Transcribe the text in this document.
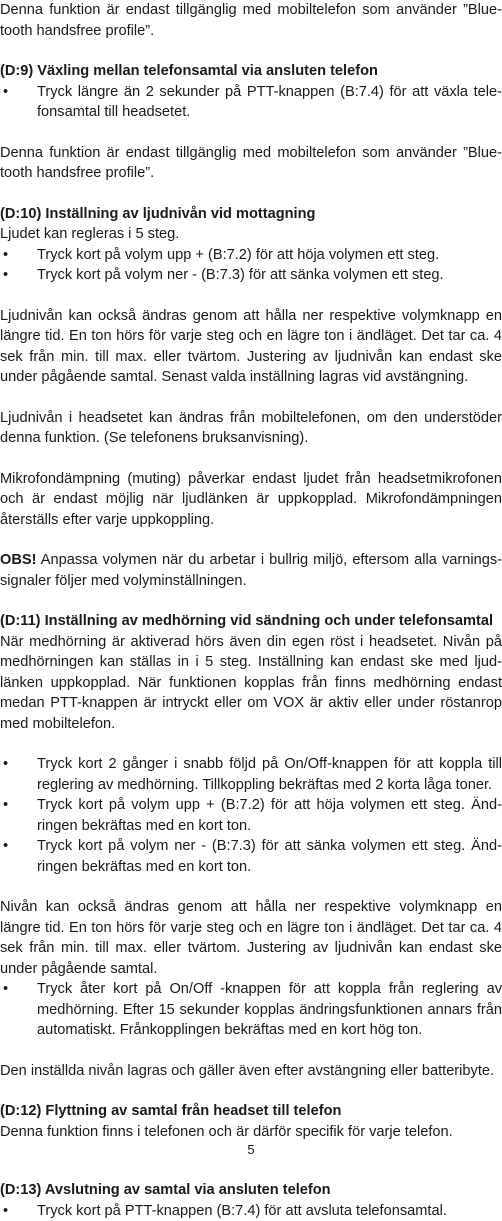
Denna funktion är endast tillgänglig med mobiltelefon som använder ”Blue-tooth handsfree profile”.

(D:9) Växling mellan telefonsamtal via ansluten telefon

• Tryck längre än 2 sekunder på PTT-knappen (B:7.4) för att växla tele-fonsamtal till headsetet.

Denna funktion är endast tillgänglig med mobiltelefon som använder ”Blue-tooth handsfree profile”.

(D:10) Inställning av ljudnivån vid mottagning

Ljudet kan regleras i 5 steg.

• Tryck kort på volym upp + (B:7.2) för att höja volymen ett steg.

• Tryck kort på volym ner - (B:7.3) för att sänka volymen ett steg.

Ljudnivån kan också ändras genom att hålla ner respektive volymknapp en längre tid. En ton hörs för varje steg och en lägre ton i ändläget. Det tar ca. 4 sek från min. till max. eller tvärtom. Justering av ljudnivån kan endast ske under pågående samtal. Senast valda inställning lagras vid avstängning.

Ljudnivån i headsetet kan ändras från mobiltelefonen, om den understöder denna funktion. (Se telefonens bruksanvisning).

Mikrofondämpning (muting) påverkar endast ljudet från headsetmikrofonen och är endast möjlig när ljudlänken är uppkopplad. Mikrofondämpningen återställs efter varje uppkoppling.

OBS! Anpassa volymen när du arbetar i bullrig miljö, eftersom alla varnings-signaler följer med volyminställningen.

(D:11) Inställning av medhörning vid sändning och under telefonsamtal

När medhörning är aktiverad hörs även din egen röst i headsetet. Nivån på medhörningen kan ställas in i 5 steg. Inställning kan endast ske med ljud-länken uppkopplad. När funktionen kopplas från finns medhörning endast medan PTT-knappen är intryckt eller om VOX är aktiv eller under röstanrop med mobiltelefon.

• Tryck kort 2 gånger i snabb följd på On/Off-knappen för att koppla till reglering av medhörning. Tillkoppling bekräftas med 2 korta låga toner.

• Tryck kort på volym upp + (B:7.2) för att höja volymen ett steg. Änd-ringen bekräftas med en kort ton.

• Tryck kort på volym ner - (B:7.3) för att sänka volymen ett steg. Änd-ringen bekräftas med en kort ton.

Nivån kan också ändras genom att hålla ner respektive volymknapp en längre tid. En ton hörs för varje steg och en lägre ton i ändläget. Det tar ca. 4 sek från min. till max. eller tvärtom. Justering av ljudnivån kan endast ske under pågående samtal.

• Tryck åter kort på On/Off -knappen för att koppla från reglering av medhörning. Efter 15 sekunder kopplas ändringsfunktionen annars från automatiskt. Frånkopplingen bekräftas med en kort hög ton.

Den inställda nivån lagras och gäller även efter avstängning eller batteribyte.

(D:12) Flyttning av samtal från headset till telefon

Denna funktion finns i telefonen och är därför specifik för varje telefon.

(D:13) Avslutning av samtal via ansluten telefon

• Tryck kort på PTT-knappen (B:7.4) för att avsluta telefonsamtal.

5
